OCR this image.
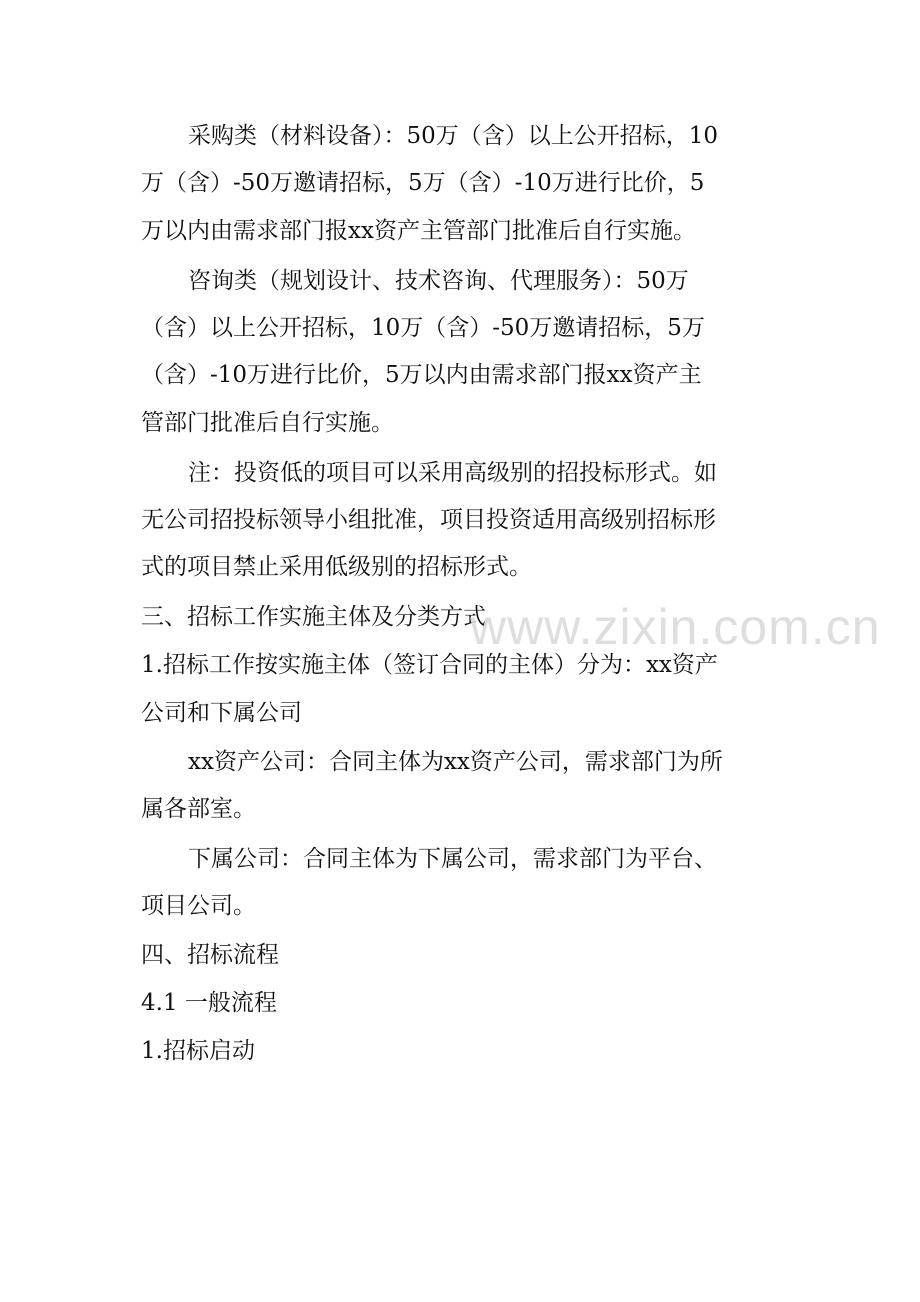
采购类（材料设备）：50万（含）以上公开招标，10
万（含）-50万邀请招标，5万（含）-10万进行比价，5
万以内由需求部门报xx资产主管部门批准后自行实施。
咨询类（规划设计、技术咨询、代理服务）：50万
（含）以上公开招标，10万（含）-50万邀请招标，5万
（含）-10万进行比价，5万以内由需求部门报xx资产主
管部门批准后自行实施。
注：投资低的项目可以采用高级别的招投标形式。如
无公司招投标领导小组批准，项目投资适用高级别招标形
式的项目禁止采用低级别的招标形式。
三、招标工作实施主体及分类方式
1.招标工作按实施主体（签订合同的主体）分为：xx资产
公司和下属公司
xx资产公司：合同主体为xx资产公司，需求部门为所
属各部室。
下属公司：合同主体为下属公司，需求部门为平台、
项目公司。
四、招标流程
4.1 一般流程
1.招标启动
www.zixin.com.cn
